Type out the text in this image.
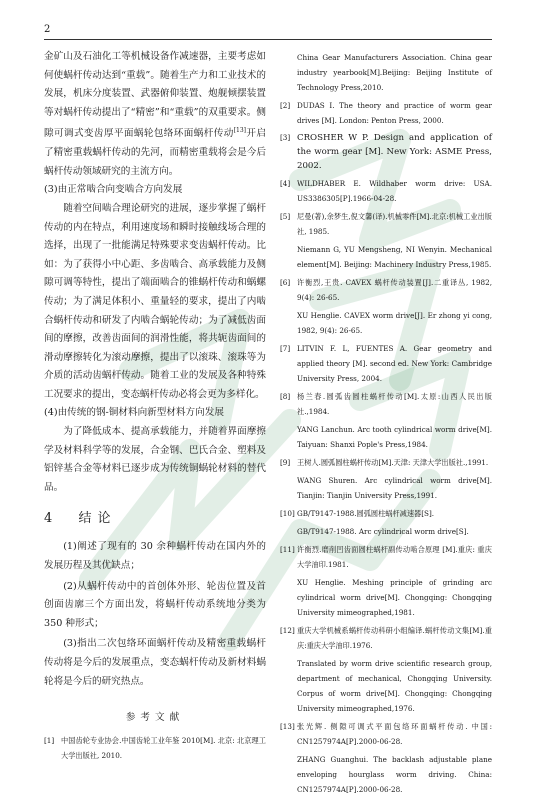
2

金矿山及石油化工等机械设备作减速器，主要考虑如何使蜗杆传动达到“重载”。随着生产力和工业技术的发展，机床分度装置、武器俯仰装置、炮舰倾摆装置等对蜗杆传动提出了“精密”和“重载”的双重要求。侧隙可调式变齿厚平面蜗轮包络环面蜗杆传动[13]开启了精密重载蜗杆传动的先河，而精密重载将会是今后蜗杆传动领域研究的主流方向。

(3)由正常啮合向变啮合方向发展

随着空间啮合理论研究的进展，逐步掌握了蜗杆传动的内在特点，利用速度场和瞬时接触线场合理的选择，出现了一批能满足特殊要求变齿蜗杆传动。比如：为了获得小中心距、多齿啮合、高承载能力及侧隙可调等特性，提出了端面啮合的锥蜗杆传动和蜗螺传动；为了满足体积小、重量轻的要求，提出了内啮合蜗杆传动和研发了内啮合蜗轮传动；为了减低齿面间的摩擦，改善齿面间的润滑性能，将共轭齿面间的滑动摩擦转化为滚动摩擦，提出了以滚珠、滚珠等为介质的活动齿蜗杆传动。随着工业的发展及各种特殊工况要求的提出，变态蜗杆传动必将会更为多样化。

(4)由传统的钢-铜材料向新型材料方向发展

为了降低成本、提高承载能力，并随着界面摩擦学及材料科学等的发展，合金钢、巴氏合金、塑料及铝锌基合金等材料已逐步成为传统铜蜗轮材料的替代品。

4 结论

(1)阐述了现有的 30 余种蜗杆传动在国内外的发展历程及其优缺点；

(2)从蜗杆传动中的首创体外形、轮齿位置及首创面齿廓三个方面出发，将蜗杆传动系统地分类为 350 种形式；

(3)指出二次包络环面蜗杆传动及精密重载蜗杆传动将是今后的发展重点，变态蜗杆传动及新材料蜗轮将是今后的研究热点。

参考文献
[1] 中国齿轮专业协会.中国齿轮工业年鉴 2010[M]. 北京: 北京理工大学出版社, 2010.
China Gear Manufacturers Association. China gear industry yearbook[M].Beijing: Beijing Institute of Technology Press,2010.
[2] DUDAS I. The theory and practice of worm gear drives [M]. London: Penton Press, 2000.
[3] CROSHER W P. Design and application of the worm gear [M]. New York: ASME Press, 2002.
[4] WILDHABER E. Wildhaber worm drive: USA. US3386305[P].1966-04-28.
[5] 尼曼(著),余梦生,倪文馨(译).机械零件[M].北京:机械工业出版社, 1985.
Niemann G, YU Mengsheng, NI Wenyin. Mechanical element[M]. Beijing: Machinery Industry Press,1985.
[6] 许衡烈,王贵. CAVEX 蜗杆传动装置[J].二重译丛, 1982, 9(4): 26-65.
XU Henglie. CAVEX worm drive[J]. Er zhong yi cong, 1982, 9(4): 26-65.
[7] LITVIN F. L, FUENTES A. Gear geometry and applied theory [M]. second ed. New York: Cambridge University Press, 2004.
[8] 杨兰春.圆弧齿圆柱蜗杆传动[M].太原:山西人民出版社.,1984.
YANG Lanchun. Arc tooth cylindrical worm drive[M]. Taiyuan: Shanxi Pople's Press,1984.
[9] 王树人.圆弧圆柱蜗杆传动[M].天津: 天津大学出版社.,1991.
WANG Shuren. Arc cylindrical worm drive[M]. Tianjin: Tianjin University Press,1991.
[10] GB/T9147-1988.圆弧圆柱蜗杆减速器[S].
GB/T9147-1988. Arc cylindrical worm drive[S].
[11] 许衡烈.磨削凹齿面圆柱蜗杆副传动啮合原理 [M].重庆: 重庆大学油印.1981.
XU Henglie. Meshing principle of grinding arc cylindrical worm drive[M]. Chongqing: Chongqing University mimeographed,1981.
[12] 重庆大学机械系蜗杆传动科研小组编译.蜗杆传动文集[M].重庆:重庆大学油印.1976.
Translated by worm drive scientific research group, department of mechanical, Chongqing University. Corpus of worm drive[M]. Chongqing: Chongqing University mimeographed,1976.
[13] 张光辉. 侧隙可调式平面包络环面蜗杆传动. 中国: CN1257974A[P].2000-06-28.
ZHANG Guanghui. The backlash adjustable plane enveloping hourglass worm driving. China: CN1257974A[P].2000-06-28.
